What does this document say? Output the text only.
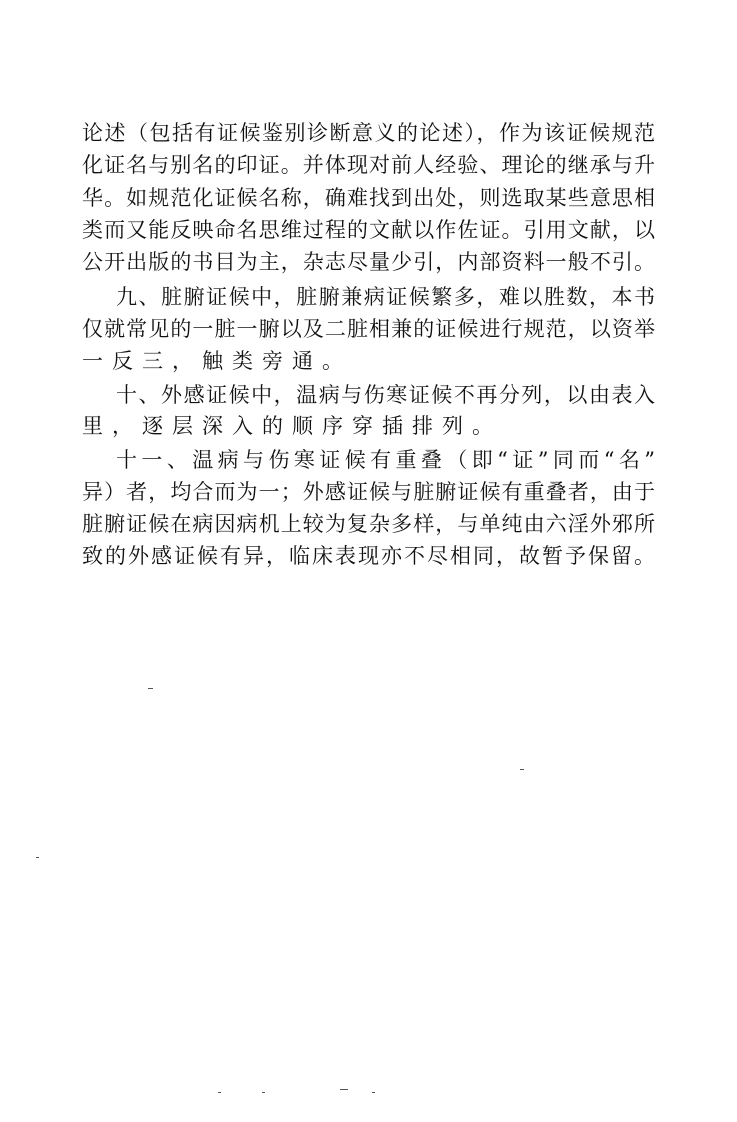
论述（包括有证候鉴别诊断意义的论述），作为该证候规范
化证名与别名的印证。并体现对前人经验、理论的继承与升
华。如规范化证候名称，确难找到出处，则选取某些意思相
类而又能反映命名思维过程的文献以作佐证。引用文献，以
公开出版的书目为主，杂志尽量少引，内部资料一般不引。
九、脏腑证候中，脏腑兼病证候繁多，难以胜数，本书
仅就常见的一脏一腑以及二脏相兼的证候进行规范，以资举
一反三，触类旁通。
十、外感证候中，温病与伤寒证候不再分列，以由表入
里，逐层深入的顺序穿插排列。
十一、温病与伤寒证候有重叠（即“证”同而“名”
异）者，均合而为一；外感证候与脏腑证候有重叠者，由于
脏腑证候在病因病机上较为复杂多样，与单纯由六淫外邪所
致的外感证候有异，临床表现亦不尽相同，故暂予保留。
